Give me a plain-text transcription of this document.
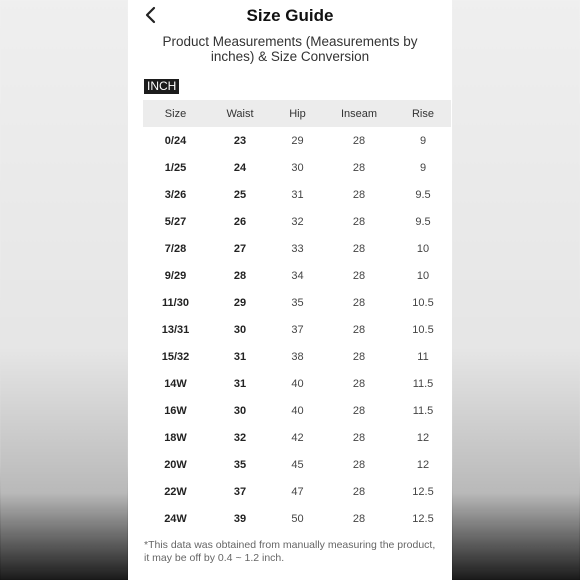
Size Guide
Product Measurements (Measurements by
inches) & Size Conversion
INCH
Size	Waist	Hip	Inseam	Rise
0/24	23	29	28	9
1/25	24	30	28	9
3/26	25	31	28	9.5
5/27	26	32	28	9.5
7/28	27	33	28	10
9/29	28	34	28	10
11/30	29	35	28	10.5
13/31	30	37	28	10.5
15/32	31	38	28	11
14W	31	40	28	11.5
16W	30	40	28	11.5
18W	32	42	28	12
20W	35	45	28	12
22W	37	47	28	12.5
24W	39	50	28	12.5
*This data was obtained from manually measuring the product,
it may be off by 0.4 ~ 1.2 inch.
